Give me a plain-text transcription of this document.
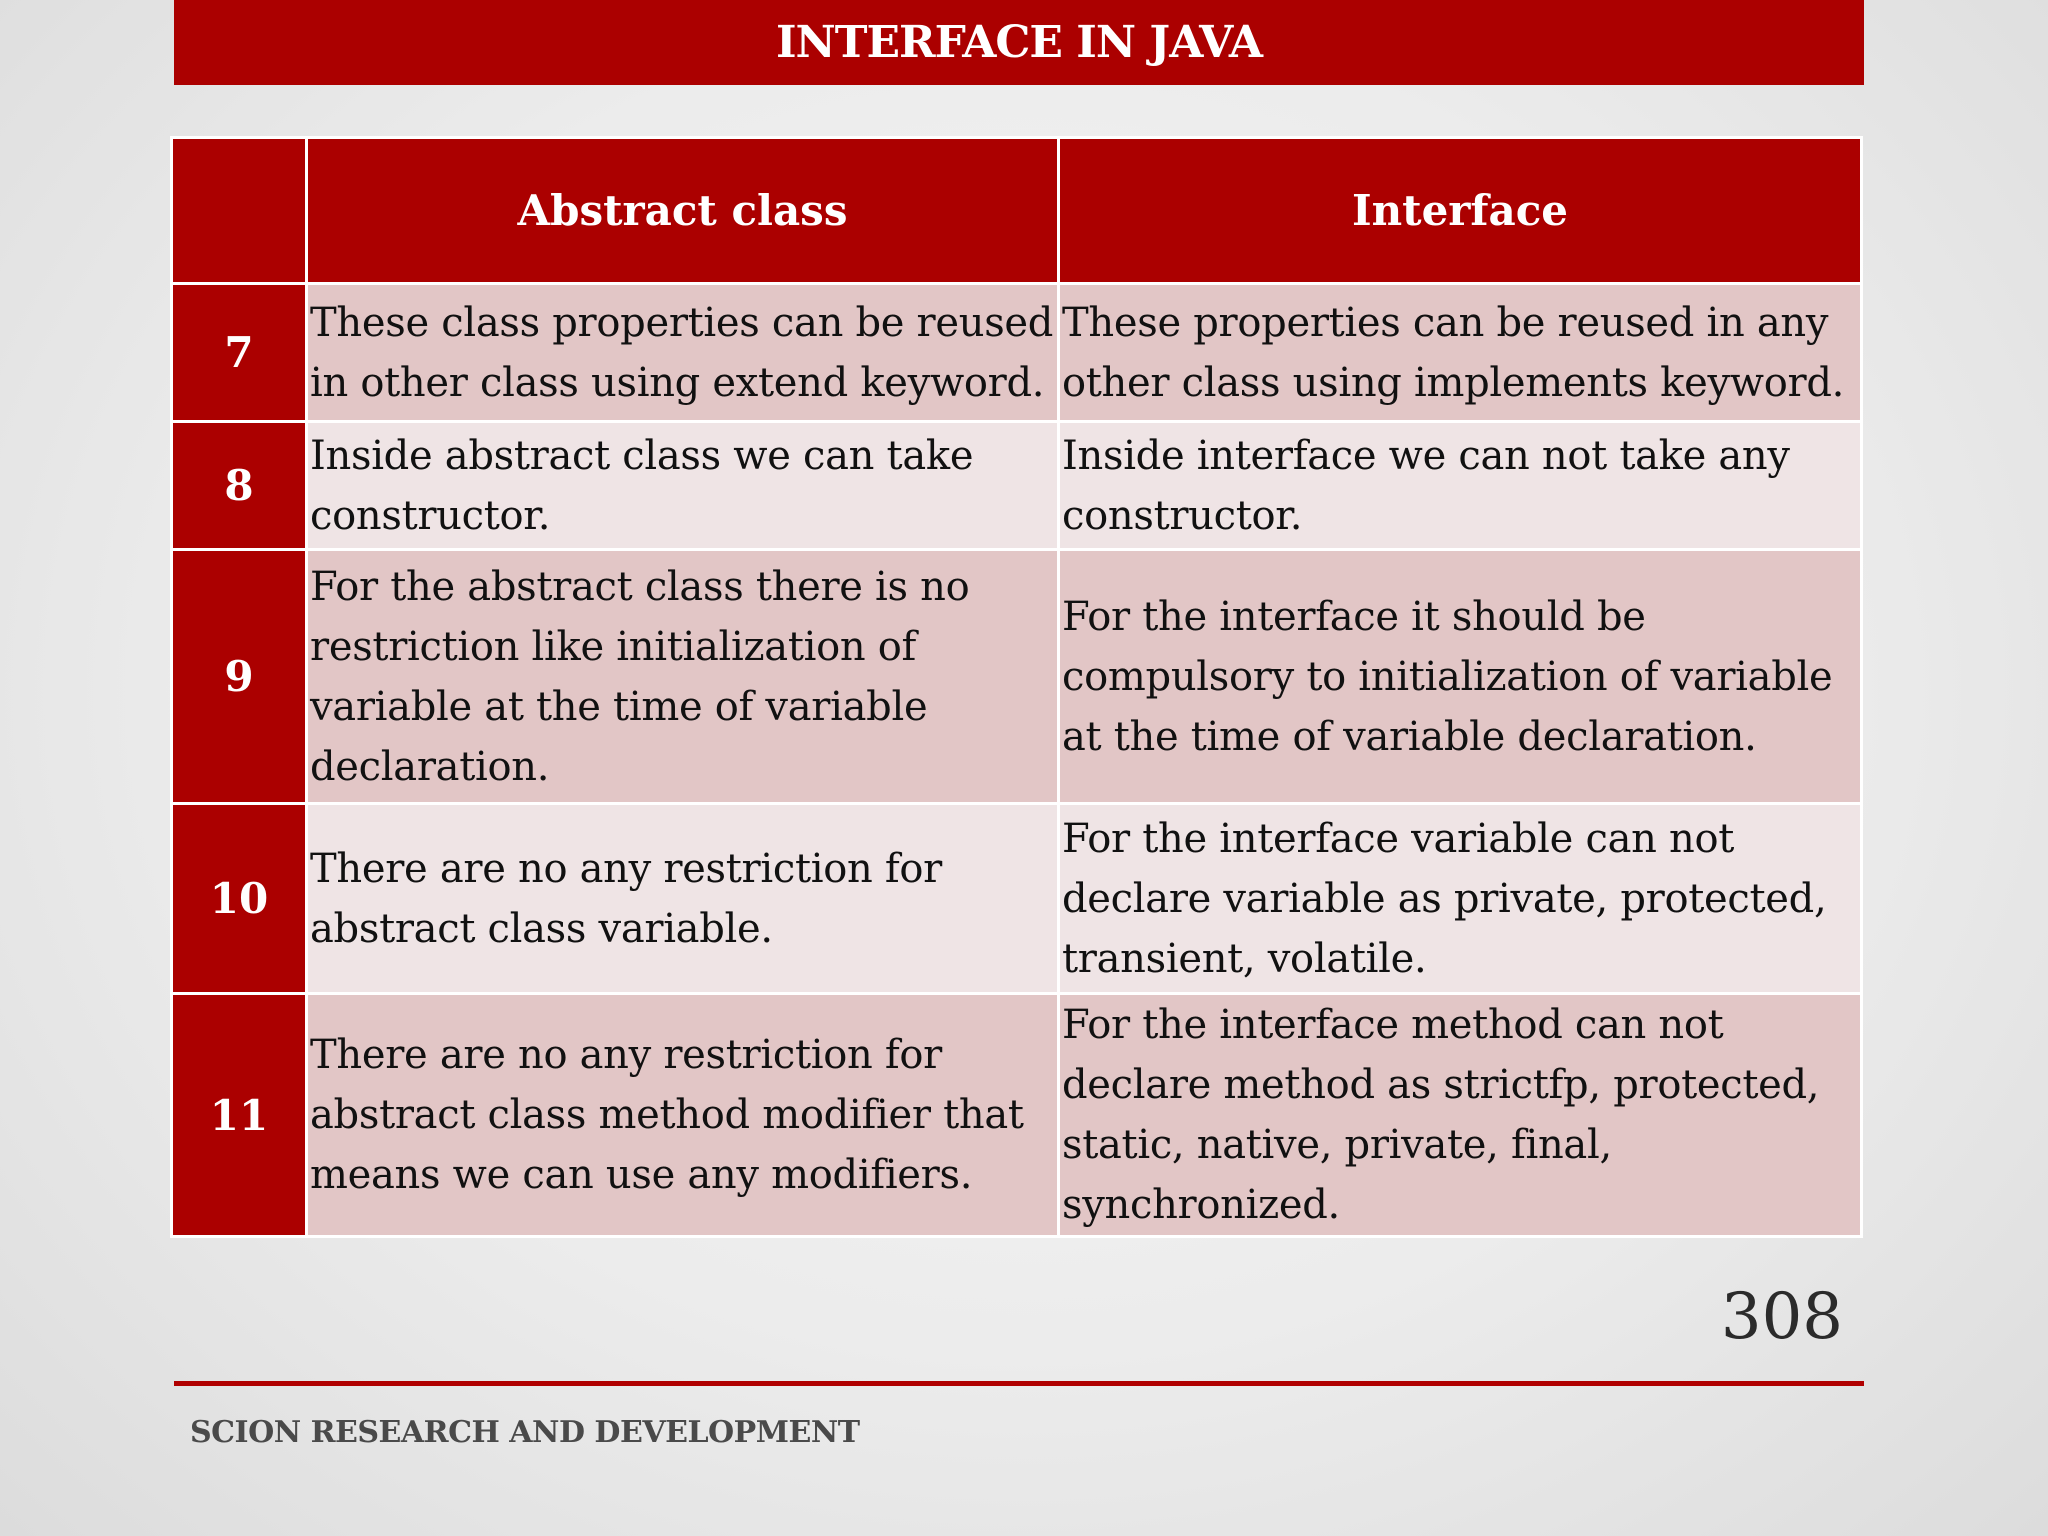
INTERFACE IN JAVA
	Abstract class	Interface
7	These class properties can be reused in other class using extend keyword.	These properties can be reused in any other class using implements keyword.
8	Inside abstract class we can take constructor.	Inside interface we can not take any constructor.
9	For the abstract class there is no restriction like initialization of variable at the time of variable declaration.	For the interface it should be compulsory to initialization of variable at the time of variable declaration.
10	There are no any restriction for abstract class variable.	For the interface variable can not declare variable as private, protected, transient, volatile.
11	There are no any restriction for abstract class method modifier that means we can use any modifiers.	For the interface method can not declare method as strictfp, protected, static, native, private, final, synchronized.
308
SCION RESEARCH AND DEVELOPMENT
